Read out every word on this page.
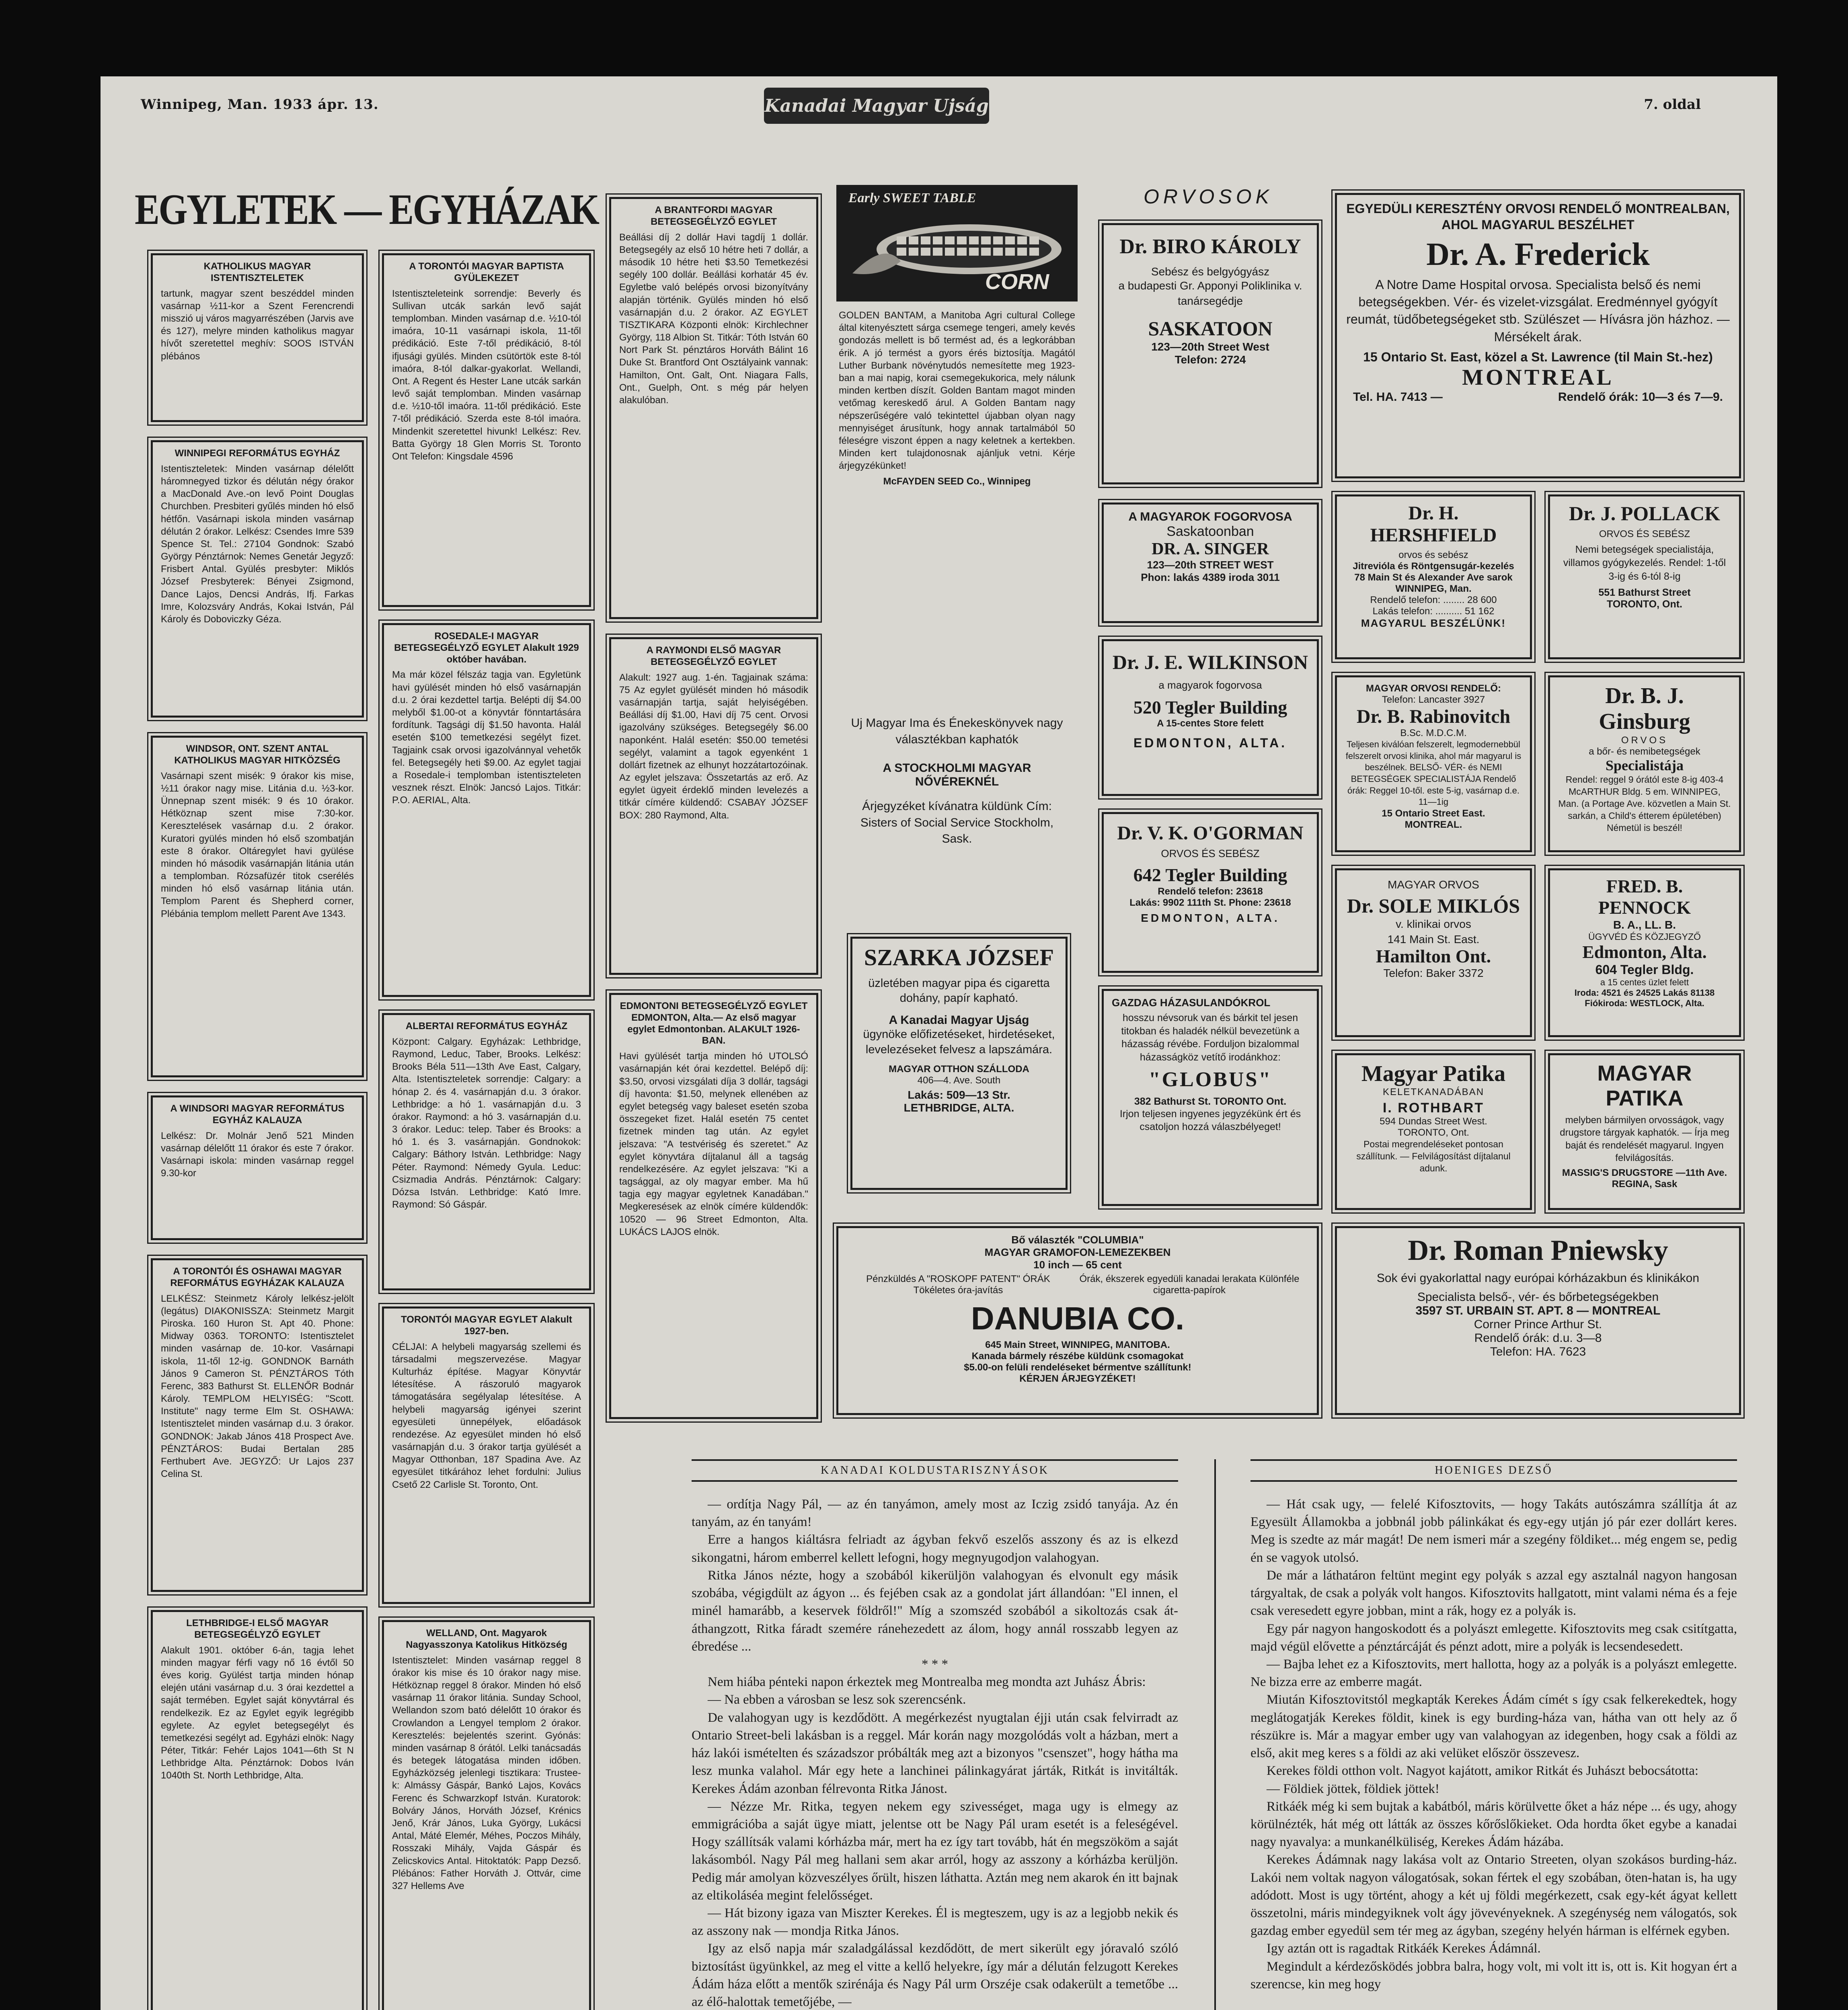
Winnipeg, Man. 1933 ápr. 13.	Kanadai Magyar Ujság	7. oldal
EGYLETEK — EGYHÁZAK
KATHOLIKUS MAGYAR ISTENTISZTELETEK
tartunk, magyar szent beszéddel minden vasárnap ½11-kor a Szent Ferencrendi misszió uj város magyarrészében (Jarvis ave és 127), melyre minden katholikus magyar hívőt szeretettel meghív: SOOS ISTVÁN plébános
WINNIPEGI REFORMÁTUS EGYHÁZ
Istentiszteletek: Minden vasárnap délelőtt háromnegyed tizkor és délután négy órakor a MacDonald Ave.-on levő Point Douglas Churchben. Presbiteri gyűlés minden hó első hétfőn. Vasárnapi iskola minden vasárnap délután 2 órakor. Lelkész: Csendes Imre 539 Spence St. Tel.: 27104 Gondnok: Szabó György Pénztárnok: Nemes Genetár Jegyző: Frisbert Antal. Gyülés presbyter: Miklós József Presbyterek: Bényei Zsigmond, Dance Lajos, Dencsi András, Ifj. Farkas Imre, Kolozsváry András, Kokai István, Pál Károly és Doboviczky Géza.
WINDSOR, ONT. SZENT ANTAL KATHOLIKUS MAGYAR HITKÖZSÉG
Vasárnapi szent misék: 9 órakor kis mise, ½11 órakor nagy mise. Litánia d.u. ½3-kor. Ünnepnap szent misék: 9 és 10 órakor. Hétköznap szent mise 7:30-kor. Keresztelések vasárnap d.u. 2 órakor. Kuratori gyülés minden hó első szombatján este 8 órakor. Oltáregylet havi gyülése minden hó második vasárnapján litánia után a templomban. Rózsafüzér titok cserélés minden hó első vasárnap litánia után. Templom Parent és Shepherd corner, Plébánia templom mellett Parent Ave 1343.
A WINDSORI MAGYAR REFORMÁTUS EGYHÁZ KALAUZA
Lelkész: Dr. Molnár Jenő 521 Minden vasárnap délelőtt 11 órakor és este 7 órakor. Vasárnapi iskola: minden vasárnap reggel 9.30-kor
A TORONTÓI ÉS OSHAWAI MAGYAR REFORMÁTUS EGYHÁZAK KALAUZA
LELKÉSZ: Steinmetz Károly lelkész-jelölt (legátus) DIAKONISSZA: Steinmetz Margit Piroska. 160 Huron St. Apt 40. Phone: Midway 0363. TORONTO: Istentisztelet minden vasárnap de. 10-kor. Vasárnapi iskola, 11-től 12-ig. GONDNOK Barnáth János 9 Cameron St. PÉNZTÁROS Tóth Ferenc, 383 Bathurst St. ELLENŐR Bodnár Károly. TEMPLOM HELYISÉG: "Scott. Institute" nagy terme Elm St. OSHAWA: Istentisztelet minden vasárnap d.u. 3 órakor. GONDNOK: Jakab János 418 Prospect Ave. PÉNZTÁROS: Budai Bertalan 285 Ferthubert Ave. JEGYZŐ: Ur Lajos 237 Celina St.
LETHBRIDGE-I ELSŐ MAGYAR BETEGSEGÉLYZŐ EGYLET
Alakult 1901. október 6-án, tagja lehet minden magyar férfi vagy nő 16 évtől 50 éves korig. Gyülést tartja minden hónap elején utáni vasárnap d.u. 3 órai kezdettel a saját termében. Egylet saját könyvtárral és rendelkezik. Ez az Egylet egyik legrégibb egylete. Az egylet betegsegélyt és temetkezési segélyt ad. Egyházi elnök: Nagy Péter, Titkár: Fehér Lajos 1041—6th St N Lethbridge Alta. Pénztárnok: Dobos Iván 1040th St. North Lethbridge, Alta.
A TORONTÓI MAGYAR BAPTISTA GYÜLEKEZET
Istentiszteleteink sorrendje: Beverly és Sullivan utcák sarkán levő saját templomban. Minden vasárnap d.e. ½10-tól imaóra, 10-11 vasárnapi iskola, 11-től prédikáció. Este 7-től prédikáció, 8-tól ifjusági gyülés. Minden csütörtök este 8-tól imaóra, 8-tól dalkar-gyakorlat. Wellandi, Ont. A Regent és Hester Lane utcák sarkán levő saját templomban. Minden vasárnap d.e. ½10-től imaóra. 11-től prédikáció. Este 7-től prédikáció. Szerda este 8-tól imaóra. Mindenkit szeretettel hivunk! Lelkész: Rev. Batta György 18 Glen Morris St. Toronto Ont Telefon: Kingsdale 4596
ROSEDALE-I MAGYAR BETEGSEGÉLYZŐ EGYLET Alakult 1929 október havában.
Ma már közel félszáz tagja van. Egyletünk havi gyülését minden hó első vasárnapján d.u. 2 órai kezdettel tartja. Belépti díj $4.00 melyből $1.00-ot a könyvtár fönntartására fordítunk. Tagsági díj $1.50 havonta. Halál esetén $100 temetkezési segélyt fizet. Tagjaink csak orvosi igazolvánnyal vehetők fel. Betegsegély heti $9.00. Az egylet tagjai a Rosedale-i templomban istentiszteleten vesznek részt. Elnök: Jancsó Lajos. Titkár: P.O. AERIAL, Alta.
ALBERTAI REFORMÁTUS EGYHÁZ
Központ: Calgary. Egyházak: Lethbridge, Raymond, Leduc, Taber, Brooks. Lelkész: Brooks Béla 511—13th Ave East, Calgary, Alta. Istentiszteletek sorrendje: Calgary: a hónap 2. és 4. vasárnapján d.u. 3 órakor. Lethbridge: a hó 1. vasárnapján d.u. 3 órakor. Raymond: a hó 3. vasárnapján d.u. 3 órakor. Leduc: telep. Taber és Brooks: a hó 1. és 3. vasárnapján. Gondnokok: Calgary: Báthory István. Lethbridge: Nagy Péter. Raymond: Némedy Gyula. Leduc: Csizmadia András. Pénztárnok: Calgary: Dózsa István. Lethbridge: Kató Imre. Raymond: Só Gáspár.
TORONTÓI MAGYAR EGYLET Alakult 1927-ben.
CÉLJAI: A helybeli magyarság szellemi és társadalmi megszervezése. Magyar Kulturház építése. Magyar Könyvtár létesítése. A rászoruló magyarok támogatására segélyalap létesítése. A helybeli magyarság igényei szerint egyesületi ünnepélyek, előadások rendezése. Az egyesület minden hó első vasárnapján d.u. 3 órakor tartja gyülését a Magyar Otthonban, 187 Spadina Ave. Az egyesület titkárához lehet fordulni: Julius Csető 22 Carlisle St. Toronto, Ont.
WELLAND, Ont. Magyarok Nagyasszonya Katolikus Hitközség
Istentisztelet: Minden vasárnap reggel 8 órakor kis mise és 10 órakor nagy mise. Hétköznap reggel 8 órakor. Minden hó első vasárnap 11 órakor litánia. Sunday School, Wellandon szom bató délelőtt 10 órakor és Crowlandon a Lengyel templom 2 órakor. Keresztelés: bejelentés szerint. Gyónás: minden vasárnap 8 órától. Lelki tanácsadás és betegek látogatása minden időben. Egyházközség jelenlegi tisztikara: Trustee-k: Almássy Gáspár, Bankó Lajos, Kovács Ferenc és Schwarzkopf István. Kuratorok: Bolváry János, Horváth József, Krénics Jenő, Krár János, Luka György, Lukácsi Antal, Máté Elemér, Méhes, Poczos Mihály, Rosszaki Mihály, Vajda Gáspár és Zelicskovics Antal. Hitoktatók: Papp Dezső. Plébános: Father Horváth J. Ottvár, cime 327 Hellems Ave
A BRANTFORDI MAGYAR BETEGSEGÉLYZŐ EGYLET
Beállási díj 2 dollár Havi tagdíj 1 dollár. Betegsegély az első 10 hétre heti 7 dollár, a második 10 hétre heti $3.50 Temetkezési segély 100 dollár. Beállási korhatár 45 év. Egyletbe való belépés orvosi bizonyítvány alapján történik. Gyülés minden hó első vasárnapján d.u. 2 órakor. AZ EGYLET TISZTIKARA Központi elnök: Kirchlechner György, 118 Albion St. Titkár: Tóth István 60 Nort Park St. pénztáros Horváth Bálint 16 Duke St. Brantford Ont Osztályaink vannak: Hamilton, Ont. Galt, Ont. Niagara Falls, Ont., Guelph, Ont. s még pár helyen alakulóban.
A RAYMONDI ELSŐ MAGYAR BETEGSEGÉLYZŐ EGYLET
Alakult: 1927 aug. 1-én. Tagjainak száma: 75 Az egylet gyülését minden hó második vasárnapján tartja, saját helyiségében. Beállási díj $1.00, Havi díj 75 cent. Orvosi igazolvány szükséges. Betegsegély $6.00 naponként. Halál esetén: $50.00 temetési segélyt, valamint a tagok egyenként 1 dollárt fizetnek az elhunyt hozzátartozóinak. Az egylet jelszava: Összetartás az erő. Az egylet ügyeit érdeklő minden levelezés a titkár címére küldendő: CSABAY JÓZSEF BOX: 280 Raymond, Alta.
EDMONTONI BETEGSEGÉLYZŐ EGYLET EDMONTON, Alta.— Az első magyar egylet Edmontonban. ALAKULT 1926-BAN.
Havi gyülését tartja minden hó UTOLSÓ vasárnapján két órai kezdettel. Belépő díj: $3.50, orvosi vizsgálati díja 3 dollár, tagsági díj havonta: $1.50, melynek ellenében az egylet betegség vagy baleset esetén szoba összegeket fizet. Halál esetén 75 centet fizetnek minden tag után. Az egylet jelszava: "A testvériség és szeretet." Az egylet könyvtára díjtalanul áll a tagság rendelkezésére. Az egylet jelszava: "Ki a tagsággal, az oly magyar ember. Ma hű tagja egy magyar egyletnek Kanadában." Megkeresések az elnök címére küldendők: 10520 — 96 Street Edmonton, Alta. LUKÁCS LAJOS elnök.
Early SWEET TABLE
CORN
GOLDEN BANTAM, a Manitoba Agri cultural College által kitenyésztett sárga csemege tengeri, amely kevés gondozás mellett is bő termést ad, és a legkorábban érik. A jó termést a gyors érés biztosítja. Magától Luther Burbank növénytudós nemesítette meg 1923-ban a mai napig, korai csemegekukorica, mely nálunk minden kertben díszít. Golden Bantam magot minden vetőmag kereskedő árul. A Golden Bantam nagy népszerűségére való tekintettel újabban olyan nagy mennyiséget árusítunk, hogy annak tartalmából 50 féleségre viszont éppen a nagy keletnek a kertekben. Minden kert tulajdonosnak ajánljuk vetni. Kérje árjegyzékünket!
McFAYDEN SEED Co., Winnipeg
Uj Magyar Ima és Énekeskönyvek nagy választékban kaphatók
A STOCKHOLMI MAGYAR NŐVÉREKNÉL
Árjegyzéket kívánatra küldünk Cím: Sisters of Social Service Stockholm, Sask.
SZARKA JÓZSEF
üzletében magyar pipa és cigaretta dohány, papír kapható.
A Kanadai Magyar Ujság
ügynöke előfizetéseket, hirdetéseket, levelezéseket felvesz a lapszámára.
MAGYAR OTTHON SZÁLLODA
406—4. Ave. South
Lakás: 509—13 Str.
LETHBRIDGE, ALTA.
Bő választék "COLUMBIA"
MAGYAR GRAMOFON-LEMEZEKBEN
10 inch — 65 cent
Pénzküldés A "ROSKOPF PATENT" ÓRÁK Tökéletes óra-javítás
Órák, ékszerek egyedüli kanadai lerakata Különféle cigaretta-papírok
DANUBIA CO.
645 Main Street, WINNIPEG, MANITOBA.
Kanada bármely részébe küldünk csomagokat
$5.00-on felüli rendeléseket bérmentve szállítunk!
KÉRJEN ÁRJEGYZÉKET!
ORVOSOK
Dr. BIRO KÁROLY
Sebész és belgyógyász
a budapesti Gr. Apponyi Poliklinika v. tanársegédje
SASKATOON
123—20th Street West
Telefon: 2724
A MAGYAROK FOGORVOSA
Saskatoonban
DR. A. SINGER
123—20th STREET WEST
Phon: lakás 4389 iroda 3011
Dr. J. E. WILKINSON
a magyarok fogorvosa
520 Tegler Building
A 15-centes Store felett
EDMONTON, ALTA.
Dr. V. K. O'GORMAN
ORVOS ÉS SEBÉSZ
642 Tegler Building
Rendelő telefon: 23618
Lakás: 9902 111th St. Phone: 23618
EDMONTON, ALTA.
GAZDAG HÁZASULANDÓKROL
hosszu névsoruk van és bárkit tel jesen titokban és haladék nélkül bevezetünk a házasság révébe. Forduljon bizalommal házasságköz vetítő irodánkhoz:
"GLOBUS"
382 Bathurst St. TORONTO Ont.
Irjon teljesen ingyenes jegyzékünk ért és csatoljon hozzá válaszbélyeget!
EGYEDÜLI KERESZTÉNY ORVOSI RENDELŐ MONTREALBAN, AHOL MAGYARUL BESZÉLHET
Dr. A. Frederick
A Notre Dame Hospital orvosa. Specialista belső és nemi betegségekben. Vér- és vizelet-vizsgálat. Eredménnyel gyógyít reumát, tüdőbetegségeket stb. Szülészet — Hívásra jön házhoz. — Mérsékelt árak.
15 Ontario St. East, közel a St. Lawrence (til Main St.-hez)
MONTREAL
Tel. HA. 7413 —	Rendelő órák: 10—3 és 7—9.
Dr. H. HERSHFIELD
orvos és sebész
Jitrevióla és Röntgensugár-kezelés
78 Main St és Alexander Ave sarok
WINNIPEG, Man.
Rendelő telefon: ........ 28 600
Lakás telefon: .......... 51 162
MAGYARUL BESZÉLÜNK!
Dr. J. POLLACK
ORVOS ÉS SEBÉSZ
Nemi betegségek specialistája, villamos gyógykezelés. Rendel: 1-től 3-ig és 6-tól 8-ig
551 Bathurst Street
TORONTO, Ont.
MAGYAR ORVOSI RENDELŐ:
Telefon: Lancaster 3927
Dr. B. Rabinovitch
B.Sc. M.D.C.M.
Teljesen kiválóan felszerelt, legmodernebbül felszerelt orvosi klinika, ahol már magyarul is beszélnek. BELSŐ- VÉR- és NEMI BETEGSÉGEK SPECIALISTÁJA Rendelő órák: Reggel 10-től. este 5-ig, vasárnap d.e. 11—1ig
15 Ontario Street East.
MONTREAL.
Dr. B. J. Ginsburg
ORVOS
a bőr- és nemibetegségek
Specialistája
Rendel: reggel 9 órától este 8-ig 403-4 McARTHUR Bldg. 5 em. WINNIPEG, Man. (a Portage Ave. közvetlen a Main St. sarkán, a Child's étterem épületében) Németül is beszél!
MAGYAR ORVOS
Dr. SOLE MIKLÓS
v. klinikai orvos
141 Main St. East.
Hamilton Ont.
Telefon: Baker 3372
FRED. B. PENNOCK
B. A., LL. B.
ÜGYVÉD ÉS KÖZJEGYZŐ
Edmonton, Alta.
604 Tegler Bldg.
a 15 centes üzlet felett
Iroda: 4521 és 24525 Lakás 81138
Fiókiroda: WESTLOCK, Alta.
Magyar Patika
KELETKANADÁBAN
I. ROTHBART
594 Dundas Street West.
TORONTO, Ont.
Postai megrendeléseket pontosan szállítunk. — Felvilágosítást díjtalanul adunk.
MAGYAR PATIKA
melyben bármilyen orvosságok, vagy drugstore tárgyak kaphatók. — Írja meg baját és rendelését magyarul. Ingyen felvilágosítás.
MASSIG'S DRUGSTORE —11th Ave. REGINA, Sask
Dr. Roman Pniewsky
Sok évi gyakorlattal nagy európai kórházakbun és klinikákon
Specialista belső-, vér- és bőrbetegségekben
3597 ST. URBAIN ST. APT. 8 — MONTREAL
Corner Prince Arthur St.
Rendelő órák: d.u. 3—8
Telefon: HA. 7623
KANADAI KOLDUSTARISZNYÁSOK

— ordítja Nagy Pál, — az én tanyámon, amely most az Iczig zsidó tanyája. Az én tanyám, az én tanyám!

Erre a hangos kiáltásra felriadt az ágyban fekvő eszelős asszony és az is elkezd sikongatni, három emberrel kellett lefogni, hogy megnyugodjon valahogyan.

Ritka János nézte, hogy a szobából kikerüljön valahogyan és elvonult egy másik szobába, végigdült az ágyon ... és fejében csak az a gondolat járt állandóan: "El innen, el minél hamarább, a keservek földről!" Míg a szomszéd szobából a sikoltozás csak át-áthangzott, Ritka fáradt szemére ránehezedett az álom, hogy annál rosszabb legyen az ébredése ...

* * *

Nem hiába pénteki napon érkeztek meg Montrealba meg mondta azt Juhász Ábris:

— Na ebben a városban se lesz sok szerencsénk.

De valahogyan ugy is kezdődött. A megérkezést nyugtalan éjji után csak felvirradt az Ontario Street-beli lakásban is a reggel. Már korán nagy mozgolódás volt a házban, mert a ház lakói ismételten és századszor próbálták meg azt a bizonyos "csenszet", hogy hátha ma lesz munka valahol. Már egy hete a lanchinei pálinkagyárat járták, Ritkát is invitálták. Kerekes Ádám azonban félrevonta Ritka Jánost.

— Nézze Mr. Ritka, tegyen nekem egy szivességet, maga ugy is elmegy az emmigrációba a saját ügye miatt, jelentse ott be Nagy Pál uram esetét is a feleségével. Hogy szállítsák valami kórházba már, mert ha ez így tart tovább, hát én megszököm a saját lakásomból. Nagy Pál meg hallani sem akar arról, hogy az asszony a kórházba kerüljön. Pedig már amolyan közveszélyes őrült, hiszen láthatta. Aztán meg nem akarok én itt bajnak az eltikoláséa megint felelősséget.

— Hát bizony igaza van Miszter Kerekes. Él is megteszem, ugy is az a legjobb nekik és az asszony nak — mondja Ritka János.

Igy az első napja már szaladgálással kezdődött, de mert sikerült egy jóravaló szóló biztosítást ügyünkkel, az meg el vitte a kellő helyekre, így már a délután felzugott Kerekes Ádám háza előtt a mentők szirénája és Nagy Pál urm Orszéje csak odakerült a temetőbe ... az élő-halottak temetőjébe, —

HOENIGES DEZSŐ

— Hát csak ugy, — felelé Kifosztovits, — hogy Takáts autószámra szállítja át az Egyesült Államokba a jobbnál jobb pálinkákat és egy-egy utján jó pár ezer dollárt keres. Meg is szedte az már magát! De nem ismeri már a szegény földiket... még engem se, pedig én se vagyok utolsó.

De már a láthatáron feltünt megint egy polyák s azzal egy asztalnál nagyon hangosan tárgyaltak, de csak a polyák volt hangos. Kifosztovits hallgatott, mint valami néma és a feje csak veresedett egyre jobban, mint a rák, hogy ez a polyák is.

Egy pár nagyon hangoskodott és a polyászt emlegette. Kifosztovits meg csak csitítgatta, majd végül elővette a pénztárcáját és pénzt adott, mire a polyák is lecsendesedett.

— Bajba lehet ez a Kifosztovits, mert hallotta, hogy az a polyák is a polyászt emlegette. Ne bizza erre az emberre magát.

Miután Kifosztovitstól megkapták Kerekes Ádám címét s így csak felkerekedtek, hogy meglátogatják Kerekes földit, kinek is egy burding-háza van, hátha van ott hely az ő részükre is. Már a magyar ember ugy van valahogyan az idegenben, hogy csak a földi az első, akit meg keres s a földi az aki velüket először összevesz.

Kerekes földi otthon volt. Nagyot kajátott, amikor Ritkát és Juhászt bebocsátotta:

— Földiek jöttek, földiek jöttek!

Ritkáék még ki sem bujtak a kabátból, máris körülvette őket a ház népe ... és ugy, ahogy körülnézték, hát még ott látták az összes kőrőslőkieket. Oda hordta őket egybe a kanadai nagy nyavalya: a munkanélküliség, Kerekes Ádám házába.

Kerekes Ádámnak nagy lakása volt az Ontario Streeten, olyan szokásos burding-ház. Lakói nem voltak nagyon válogatósak, sokan fértek el egy szobában, öten-hatan is, ha ugy adódott. Most is ugy történt, ahogy a két uj földi megérkezett, csak egy-két ágyat kellett összetolni, máris mindegyiknek volt ágy jövevényeknek. A szegénység nem válogatós, sok gazdag ember egyedül sem tér meg az ágyban, szegény helyén hárman is elférnek egyben.

Igy aztán ott is ragadtak Ritkáék Kerekes Ádámnál.

Megindult a kérdezősködés jobbra balra, hogy volt, mi volt itt is, ott is. Kit hogyan ért a szerencse, kin meg hogy
